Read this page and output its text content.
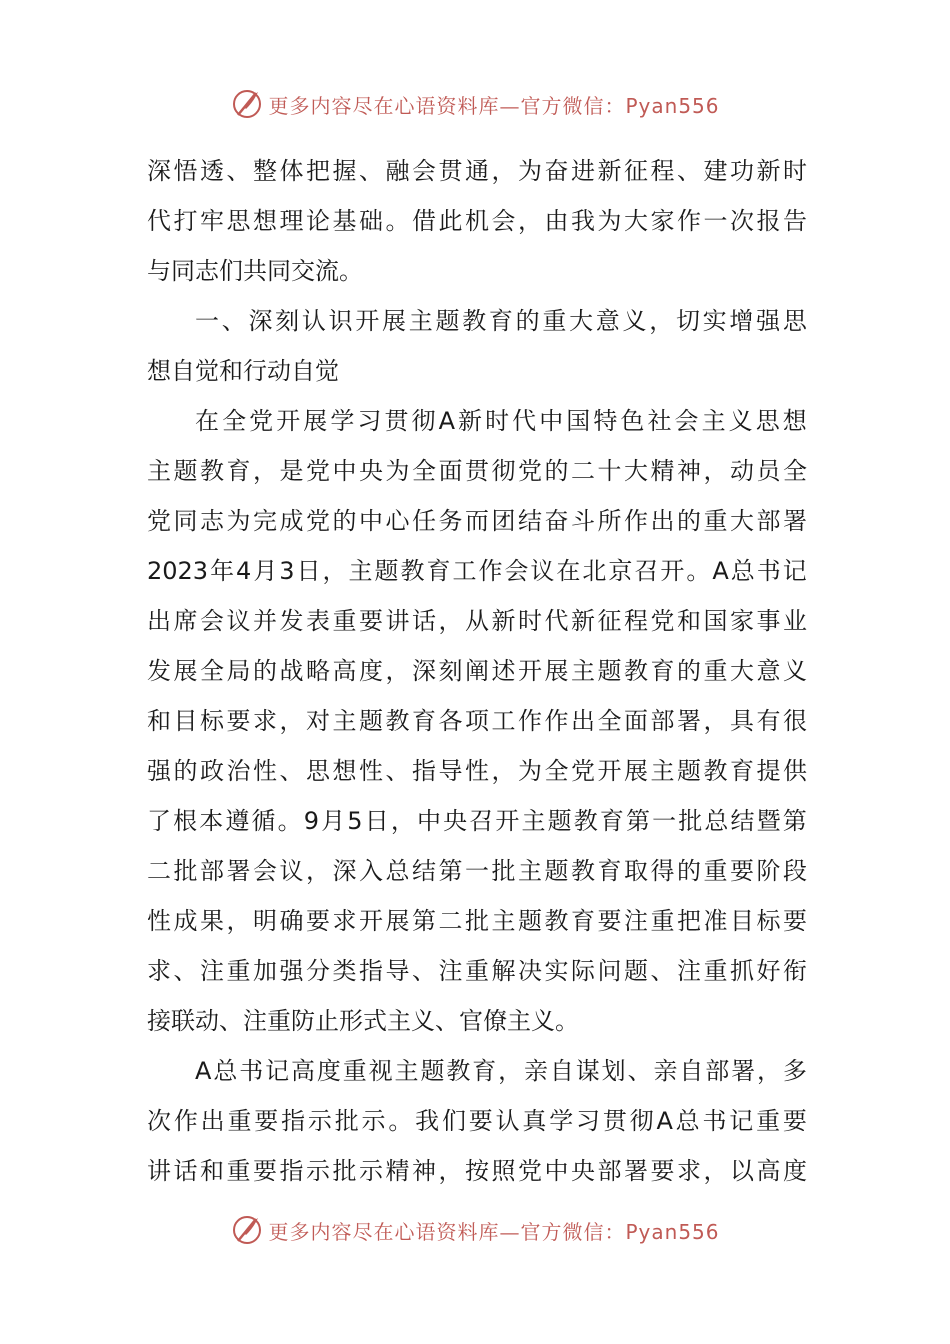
更多内容尽在心语资料库—官方微信：Pyan556
深 悟 透 、 整 体 把 握 、 融 会 贯 通 ， 为 奋 进 新 征 程 、 建 功 新 时
代 打 牢 思 想 理 论 基 础 。 借 此 机 会 ， 由 我 为 大 家 作 一 次 报 告
与同志们共同交流。
一 、 深 刻 认 识 开 展 主 题 教 育 的 重 大 意 义 ， 切 实 增 强 思
想自觉和行动自觉
在 全 党 开 展 学 习 贯 彻 A 新 时 代 中 国 特 色 社 会 主 义 思 想
主 题 教 育 ， 是 党 中 央 为 全 面 贯 彻 党 的 二 十 大 精 神 ， 动 员 全
党 同 志 为 完 成 党 的 中 心 任 务 而 团 结 奋 斗 所 作 出 的 重 大 部 署
2023 年 4 月 3 日 ， 主 题 教 育 工 作 会 议 在 北 京 召 开 。 A 总 书 记
出 席 会 议 并 发 表 重 要 讲 话 ， 从 新 时 代 新 征 程 党 和 国 家 事 业
发 展 全 局 的 战 略 高 度 ， 深 刻 阐 述 开 展 主 题 教 育 的 重 大 意 义
和 目 标 要 求 ， 对 主 题 教 育 各 项 工 作 作 出 全 面 部 署 ， 具 有 很
强 的 政 治 性 、 思 想 性 、 指 导 性 ， 为 全 党 开 展 主 题 教 育 提 供
了 根 本 遵 循 。 9 月 5 日 ， 中 央 召 开 主 题 教 育 第 一 批 总 结 暨 第
二 批 部 署 会 议 ， 深 入 总 结 第 一 批 主 题 教 育 取 得 的 重 要 阶 段
性 成 果 ， 明 确 要 求 开 展 第 二 批 主 题 教 育 要 注 重 把 准 目 标 要
求 、 注 重 加 强 分 类 指 导 、 注 重 解 决 实 际 问 题 、 注 重 抓 好 衔
接联动、注重防止形式主义、官僚主义。
A 总 书 记 高 度 重 视 主 题 教 育 ， 亲 自 谋 划 、 亲 自 部 署 ， 多
次 作 出 重 要 指 示 批 示 。 我 们 要 认 真 学 习 贯 彻 A 总 书 记 重 要
讲 话 和 重 要 指 示 批 示 精 神 ， 按 照 党 中 央 部 署 要 求 ， 以 高 度
更多内容尽在心语资料库—官方微信：Pyan556
